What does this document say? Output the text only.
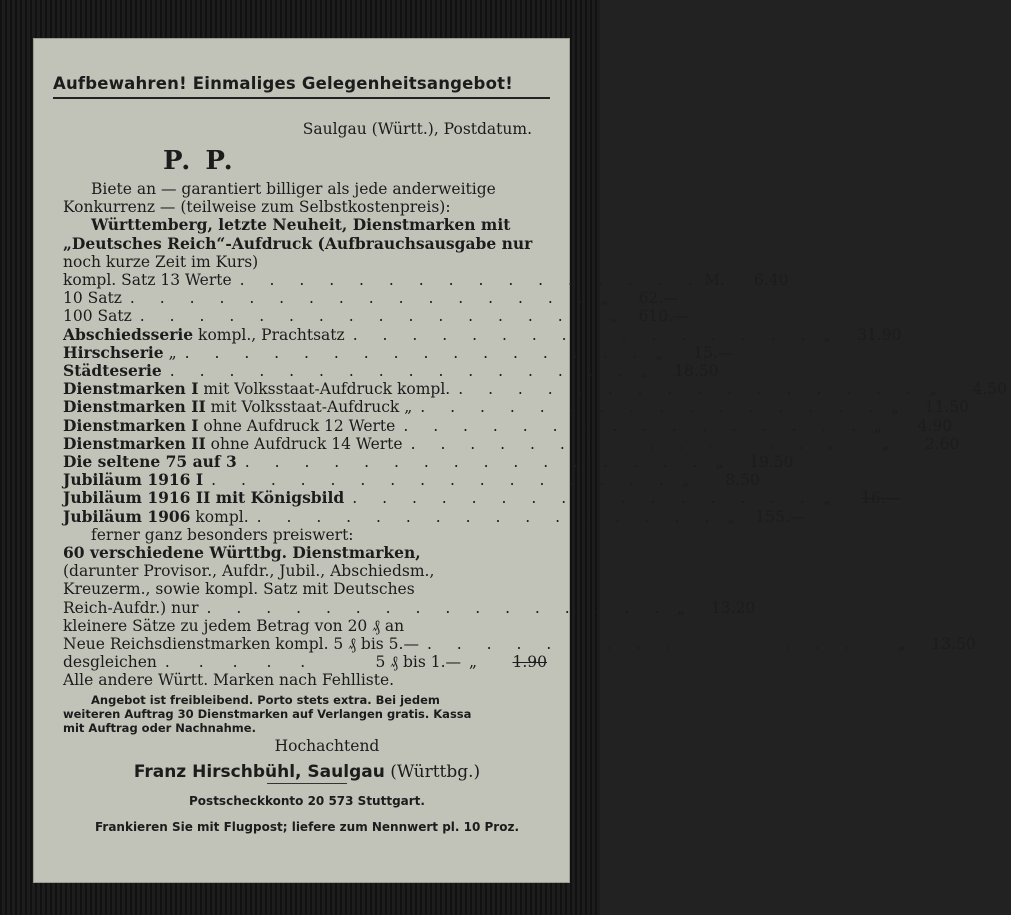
Aufbewahren! Einmaliges Gelegenheitsangebot!
Saulgau (Württ.), Postdatum.
P. P.
Biete an — garantiert billiger als jede anderweitige
Konkurrenz — (teilweise zum Selbstkostenpreis):
Württemberg, letzte Neuheit, Dienstmarken mit
„Deutsches Reich“-Aufdruck (Aufbrauchsausgabe nur
noch kurze Zeit im Kurs)
kompl. Satz 13 Werte . . . . . . . . . . . . . . . . M.	6.40
10 Satz . . . . . . . . . . . . . . . . „	62.—
100 Satz . . . . . . . . . . . . . . . . „	610.—
Abschiedsserie kompl., Prachtsatz . . . . . . . . . . . . . . . . „	31.90
Hirschserie „ . . . . . . . . . . . . . . . . „	15.—
Städteserie . . . . . . . . . . . . . . . . „	18.50
Dienstmarken I mit Volksstaat-Aufdruck kompl. . . . . . . . . . . . . . . . . „	4.50
Dienstmarken II mit Volksstaat-Aufdruck „ . . . . . . . . . . . . . . . . „	11.50
Dienstmarken I ohne Aufdruck 12 Werte . . . . . . . . . . . . . . . . „	4.90
Dienstmarken II ohne Aufdruck 14 Werte . . . . . . . . . . . . . . . . „	2.60
Die seltene 75 auf 3 . . . . . . . . . . . . . . . . „	19.50
Jubiläum 1916 I . . . . . . . . . . . . . . . . „	8.50
Jubiläum 1916 II mit Königsbild . . . . . . . . . . . . . . . . „	16.—
Jubiläum 1906 kompl. . . . . . . . . . . . . . . . . „	155.—
ferner ganz besonders preiswert:
60 verschiedene Württbg. Dienstmarken,
(darunter Provisor., Aufdr., Jubil., Abschiedsm.,
Kreuzerm., sowie kompl. Satz mit Deutsches
Reich-Aufdr.) nur . . . . . . . . . . . . . . . . „	13.20
kleinere Sätze zu jedem Betrag von 20 ₰ an
Neue Reichsdienstmarken kompl. 5 ₰ bis 5.— . . . . . . . . . . . . . . . . „	13.50
desgleichen . . . . .	5 ₰ bis 1.— „	1.90
Alle andere Württ. Marken nach Fehlliste.
Angebot ist freibleibend. Porto stets extra. Bei jedem
weiteren Auftrag 30 Dienstmarken auf Verlangen gratis. Kassa
mit Auftrag oder Nachnahme.
Hochachtend
Franz Hirschbühl, Saulgau (Württbg.)
Postscheckkonto 20 573 Stuttgart.
Frankieren Sie mit Flugpost; liefere zum Nennwert pl. 10 Proz.
